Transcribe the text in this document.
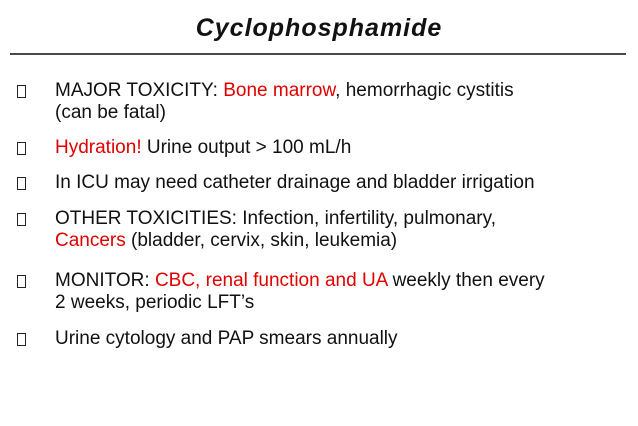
Cyclophosphamide
MAJOR TOXICITY: Bone marrow, hemorrhagic cystitis
(can be fatal)
Hydration! Urine output > 100 mL/h
In ICU may need catheter drainage and bladder irrigation
OTHER TOXICITIES: Infection, infertility, pulmonary,
Cancers (bladder, cervix, skin, leukemia)
MONITOR: CBC, renal function and UA weekly then every
2 weeks, periodic LFT’s
Urine cytology and PAP smears annually
